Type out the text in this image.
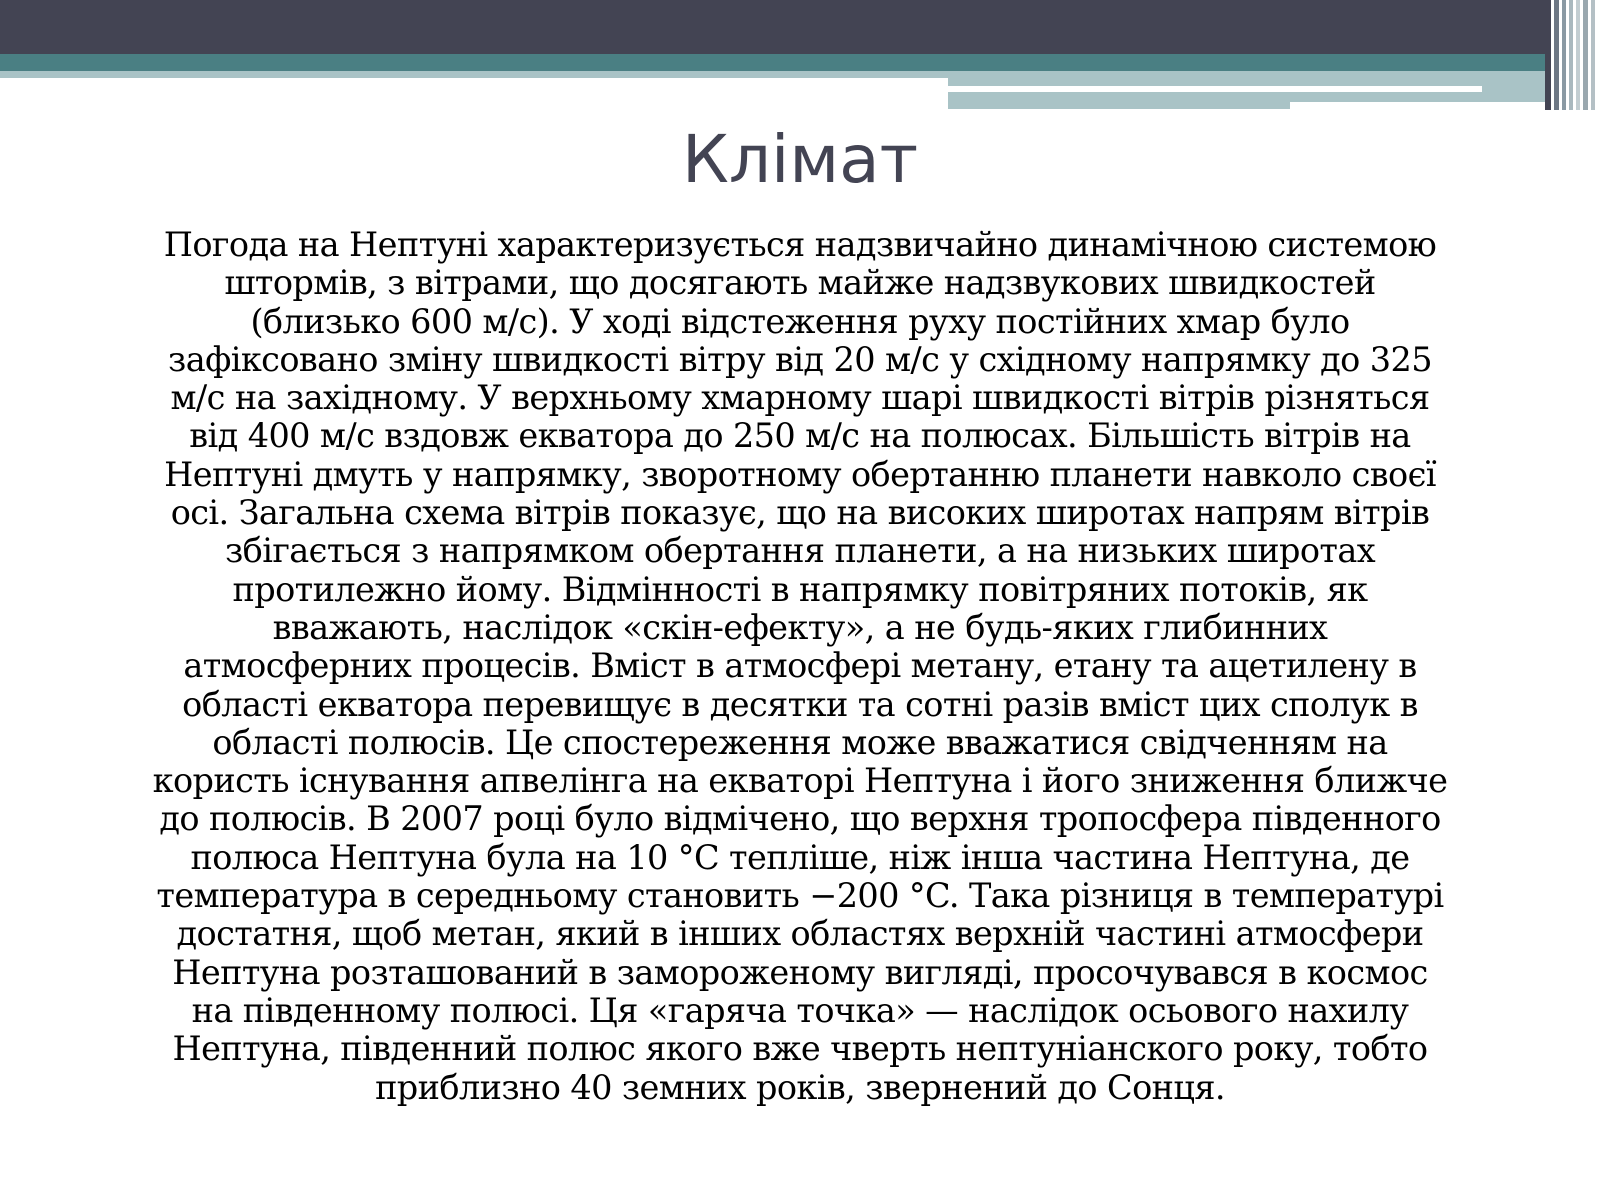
Клімат
Погода на Нептуні характеризується надзвичайно динамічною системою
штормів, з вітрами, що досягають майже надзвукових швидкостей
(близько 600 м/с). У ході відстеження руху постійних хмар було
зафіксовано зміну швидкості вітру від 20 м/с у східному напрямку до 325
м/с на західному. У верхньому хмарному шарі швидкості вітрів різняться
від 400 м/с вздовж екватора до 250 м/с на полюсах. Більшість вітрів на
Нептуні дмуть у напрямку, зворотному обертанню планети навколо своєї
осі. Загальна схема вітрів показує, що на високих широтах напрям вітрів
збігається з напрямком обертання планети, а на низьких широтах
протилежно йому. Відмінності в напрямку повітряних потоків, як
вважають, наслідок «скін-ефекту», а не будь-яких глибинних
атмосферних процесів. Вміст в атмосфері метану, етану та ацетилену в
області екватора перевищує в десятки та сотні разів вміст цих сполук в
області полюсів. Це спостереження може вважатися свідченням на
користь існування апвелінга на екваторі Нептуна і його зниження ближче
до полюсів. В 2007 році було відмічено, що верхня тропосфера південного
полюса Нептуна була на 10 °C тепліше, ніж інша частина Нептуна, де
температура в середньому становить −200 °C. Така різниця в температурі
достатня, щоб метан, який в інших областях верхній частині атмосфери
Нептуна розташований в замороженому вигляді, просочувався в космос
на південному полюсі. Ця «гаряча точка» — наслідок осьового нахилу
Нептуна, південний полюс якого вже чверть нептуніанского року, тобто
приблизно 40 земних років, звернений до Сонця.
